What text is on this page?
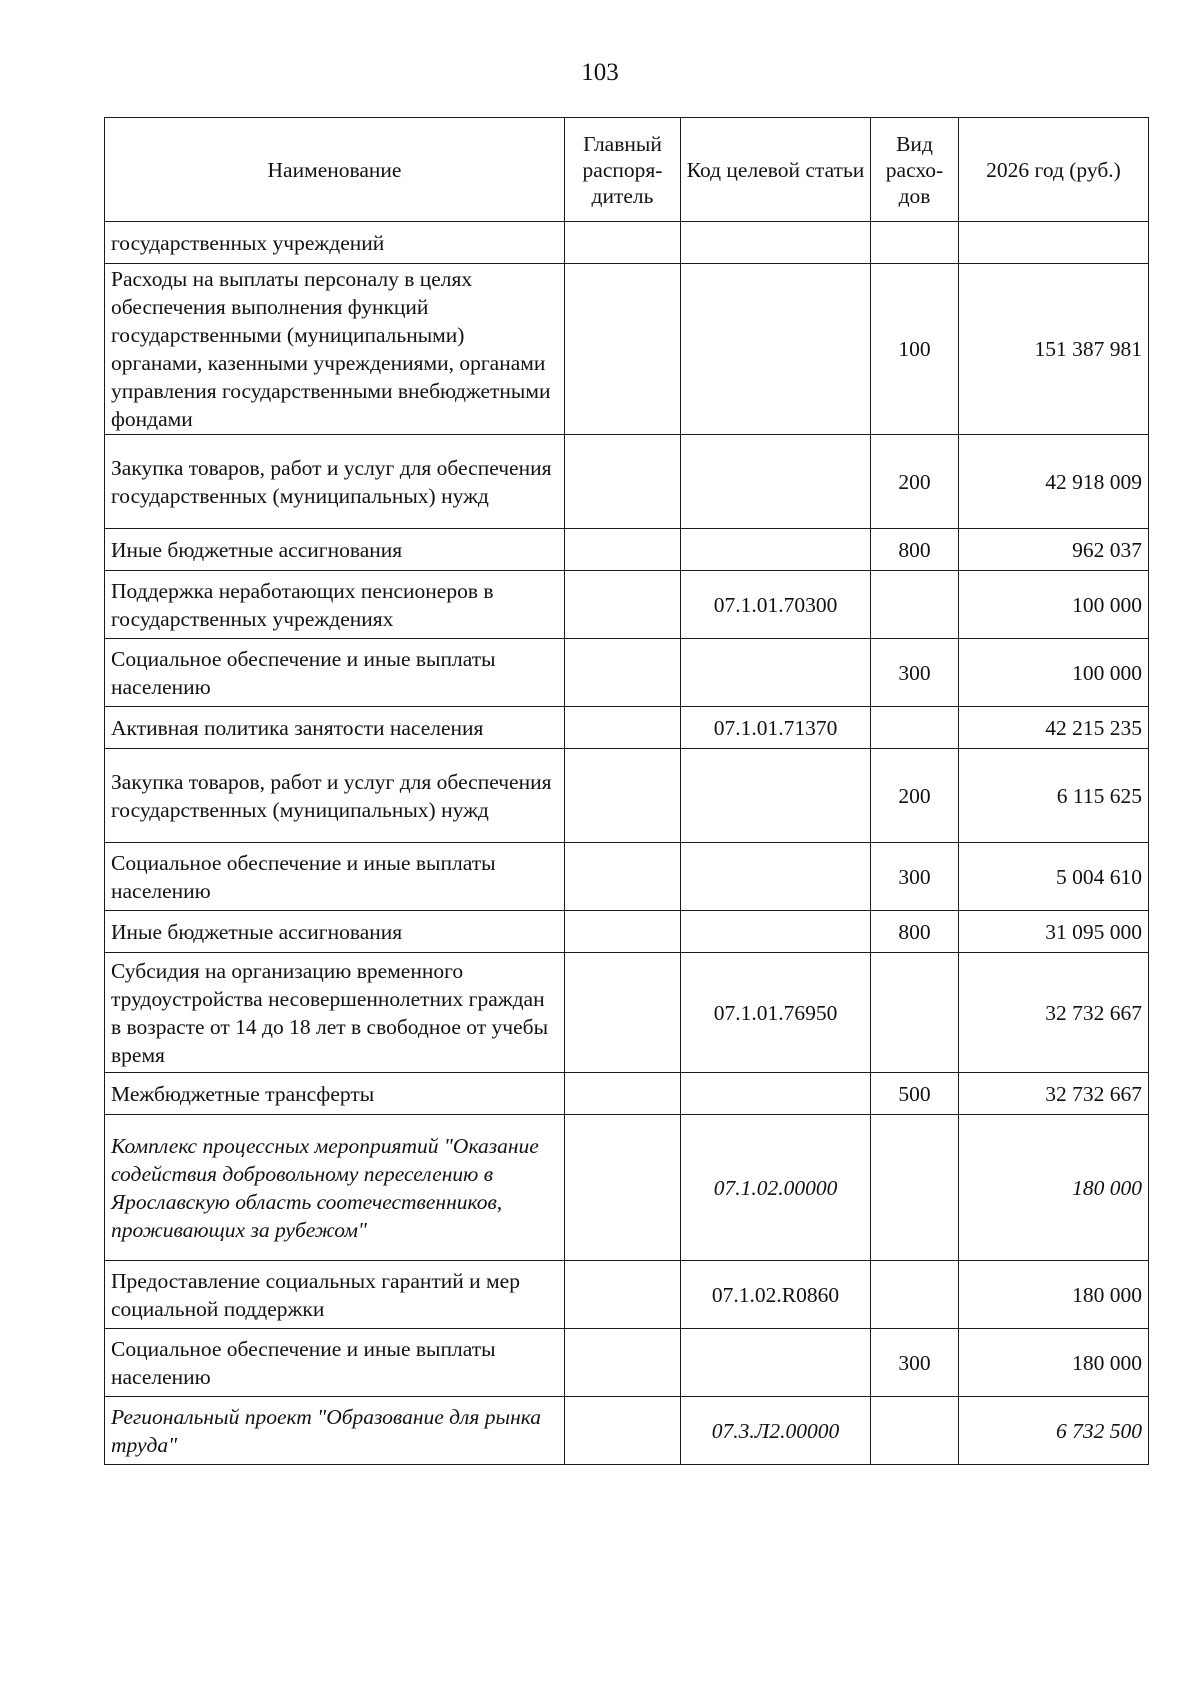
103
Наименование	Главный распоря-дитель	Код целевой статьи	Вид расхо-дов	2026 год (руб.)
государственных учреждений				
Расходы на выплаты персоналу в целях обеспечения выполнения функций государственными (муниципальными) органами, казенными учреждениями, органами управления государственными внебюджетными фондами			100	151 387 981
Закупка товаров, работ и услуг для обеспечения государственных (муниципальных) нужд			200	42 918 009
Иные бюджетные ассигнования			800	962 037
Поддержка неработающих пенсионеров в государственных учреждениях		07.1.01.70300		100 000
Социальное обеспечение и иные выплаты населению			300	100 000
Активная политика занятости населения		07.1.01.71370		42 215 235
Закупка товаров, работ и услуг для обеспечения государственных (муниципальных) нужд			200	6 115 625
Социальное обеспечение и иные выплаты населению			300	5 004 610
Иные бюджетные ассигнования			800	31 095 000
Субсидия на организацию временного трудоустройства несовершеннолетних граждан в возрасте от 14 до 18 лет в свободное от учебы время		07.1.01.76950		32 732 667
Межбюджетные трансферты			500	32 732 667
Комплекс процессных мероприятий "Оказание содействия добровольному переселению в Ярославскую область соотечественников, проживающих за рубежом"		07.1.02.00000		180 000
Предоставление социальных гарантий и мер социальной поддержки		07.1.02.R0860		180 000
Социальное обеспечение и иные выплаты населению			300	180 000
Региональный проект "Образование для рынка труда"		07.3.Л2.00000		6 732 500
